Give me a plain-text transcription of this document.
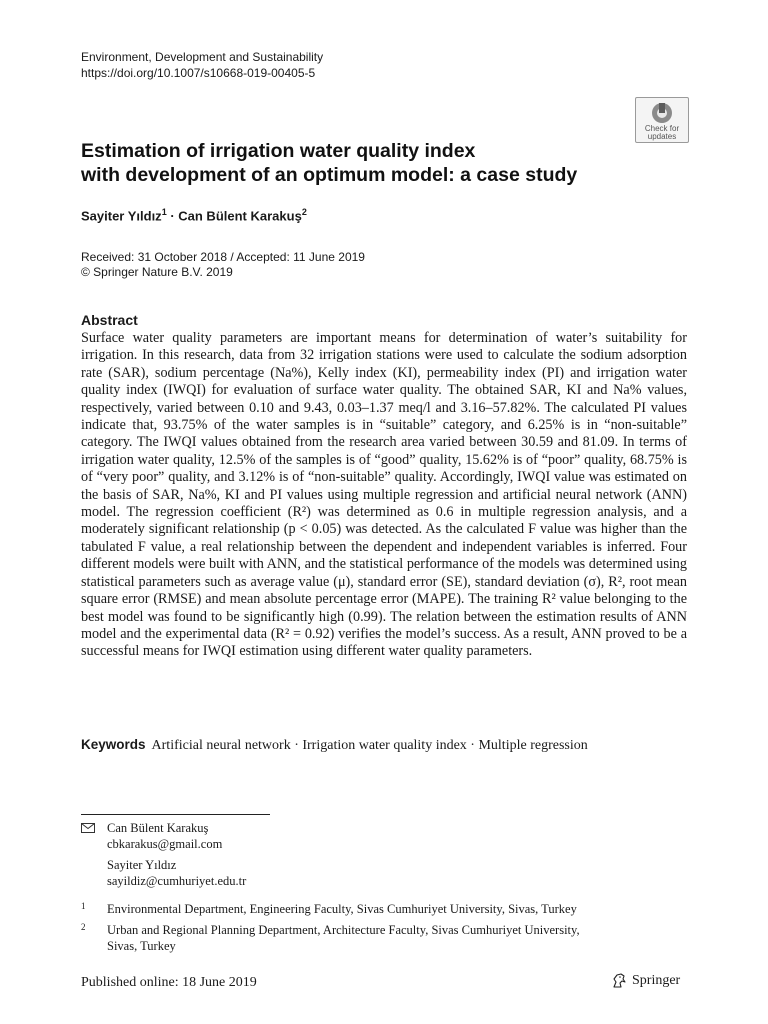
Environment, Development and Sustainability
https://doi.org/10.1007/s10668-019-00405-5
Check for
updates
Estimation of irrigation water quality index
with development of an optimum model: a case study
Sayiter Yıldız$^1$ · Can Bülent Karakuş$^2$
Received: 31 October 2018 / Accepted: 11 June 2019
© Springer Nature B.V. 2019
Abstract

Surface water quality parameters are important means for determination of water’s suitability for irrigation. In this research, data from 32 irrigation stations were used to calculate the sodium adsorption rate (SAR), sodium percentage (Na%), Kelly index (KI), permeability index (PI) and irrigation water quality index (IWQI) for evaluation of surface water quality. The obtained SAR, KI and Na% values, respectively, varied between 0.10 and 9.43, 0.03–1.37 meq/l and 3.16–57.82%. The calculated PI values indicate that, 93.75% of the water samples is in “suitable” category, and 6.25% is in “non-suitable” category. The IWQI values obtained from the research area varied between 30.59 and 81.09. In terms of irrigation water quality, 12.5% of the samples is of “good” quality, 15.62% is of “poor” quality, 68.75% is of “very poor” quality, and 3.12% is of “non-suitable” quality. Accordingly, IWQI value was estimated on the basis of SAR, Na%, KI and PI values using multiple regression and artificial neural network (ANN) model. The regression coefficient (R²) was determined as 0.6 in multiple regression analysis, and a moderately significant relationship (p < 0.05) was detected. As the calculated F value was higher than the tabulated F value, a real relationship between the dependent and independent variables is inferred. Four different models were built with ANN, and the statistical performance of the models was determined using statistical parameters such as average value (μ), standard error (SE), standard deviation (σ), R², root mean square error (RMSE) and mean absolute percentage error (MAPE). The training R² value belonging to the best model was found to be significantly high (0.99). The relation between the estimation results of ANN model and the experimental data (R² = 0.92) verifies the model’s success. As a result, ANN proved to be a successful means for IWQI estimation using different water quality parameters.

Keywords Artificial neural network · Irrigation water quality index · Multiple regression
Can Bülent Karakuş
cbkarakus@gmail.com
Sayiter Yıldız
sayildiz@cumhuriyet.edu.tr
1 Environmental Department, Engineering Faculty, Sivas Cumhuriyet University, Sivas, Turkey
2 Urban and Regional Planning Department, Architecture Faculty, Sivas Cumhuriyet University,
Sivas, Turkey
Published online: 18 June 2019	Springer
